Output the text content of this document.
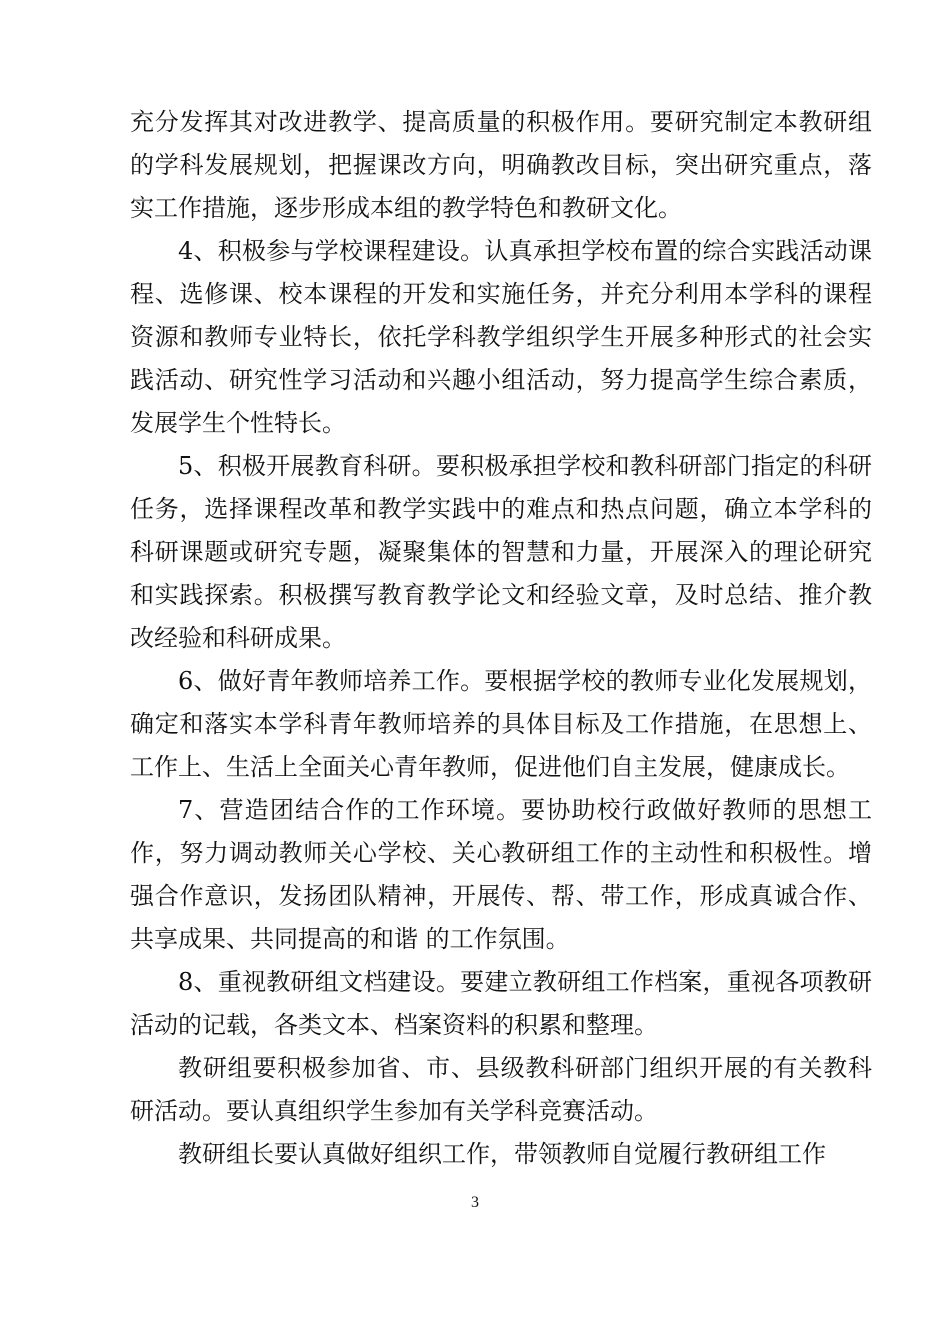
充分发挥其对改进教学、提高质量的积极作用。要研究制定本教研组的学科发展规划，把握课改方向，明确教改目标，突出研究重点，落实工作措施，逐步形成本组的教学特色和教研文化。

4、积极参与学校课程建设。认真承担学校布置的综合实践活动课程、选修课、校本课程的开发和实施任务，并充分利用本学科的课程资源和教师专业特长，依托学科教学组织学生开展多种形式的社会实践活动、研究性学习活动和兴趣小组活动，努力提高学生综合素质，发展学生个性特长。

5、积极开展教育科研。要积极承担学校和教科研部门指定的科研任务，选择课程改革和教学实践中的难点和热点问题，确立本学科的科研课题或研究专题，凝聚集体的智慧和力量，开展深入的理论研究和实践探索。积极撰写教育教学论文和经验文章，及时总结、推介教改经验和科研成果。

6、做好青年教师培养工作。要根据学校的教师专业化发展规划，确定和落实本学科青年教师培养的具体目标及工作措施，在思想上、工作上、生活上全面关心青年教师，促进他们自主发展，健康成长。

7、营造团结合作的工作环境。要协助校行政做好教师的思想工作，努力调动教师关心学校、关心教研组工作的主动性和积极性。增强合作意识，发扬团队精神，开展传、帮、带工作，形成真诚合作、共享成果、共同提高的和谐 的工作氛围。

8、重视教研组文档建设。要建立教研组工作档案，重视各项教研活动的记载，各类文本、档案资料的积累和整理。

教研组要积极参加省、市、县级教科研部门组织开展的有关教科研活动。要认真组织学生参加有关学科竞赛活动。

教研组长要认真做好组织工作，带领教师自觉履行教研组工作

3
